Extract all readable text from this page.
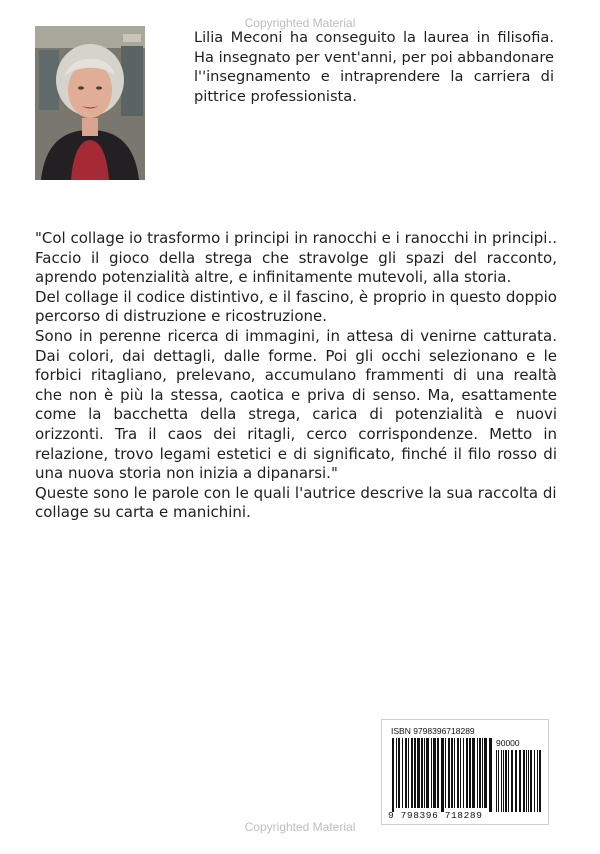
Copyrighted Material
Lilia Meconi ha conseguito la laurea in filisofia. Ha insegnato per vent'anni, per poi abbandonare l''insegnamento e intraprendere la carriera di pittrice professionista.

"Col collage io trasformo i principi in ranocchi e i ranocchi in principi.. Faccio il gioco della strega che stravolge gli spazi del racconto, aprendo potenzialità altre, e infinitamente mutevoli, alla storia.

Del collage il codice distintivo, e il fascino, è proprio in questo doppio percorso di distruzione e ricostruzione.

Sono in perenne ricerca di immagini, in attesa di venirne catturata. Dai colori, dai dettagli, dalle forme. Poi gli occhi selezionano e le forbici ritagliano, prelevano, accumulano frammenti di una realtà che non è più la stessa, caotica e priva di senso. Ma, esattamente come la bacchetta della strega, carica di potenzialità e nuovi orizzonti. Tra il caos dei ritagli, cerco corrispondenze. Metto in relazione, trovo legami estetici e di significato, finché il filo rosso di una nuova storia non inizia a dipanarsi."

Queste sono le parole con le quali l'autrice descrive la sua raccolta di collage su carta e manichini.

ISBN 9798396718289
90000
9 798396 718289
Copyrighted Material
